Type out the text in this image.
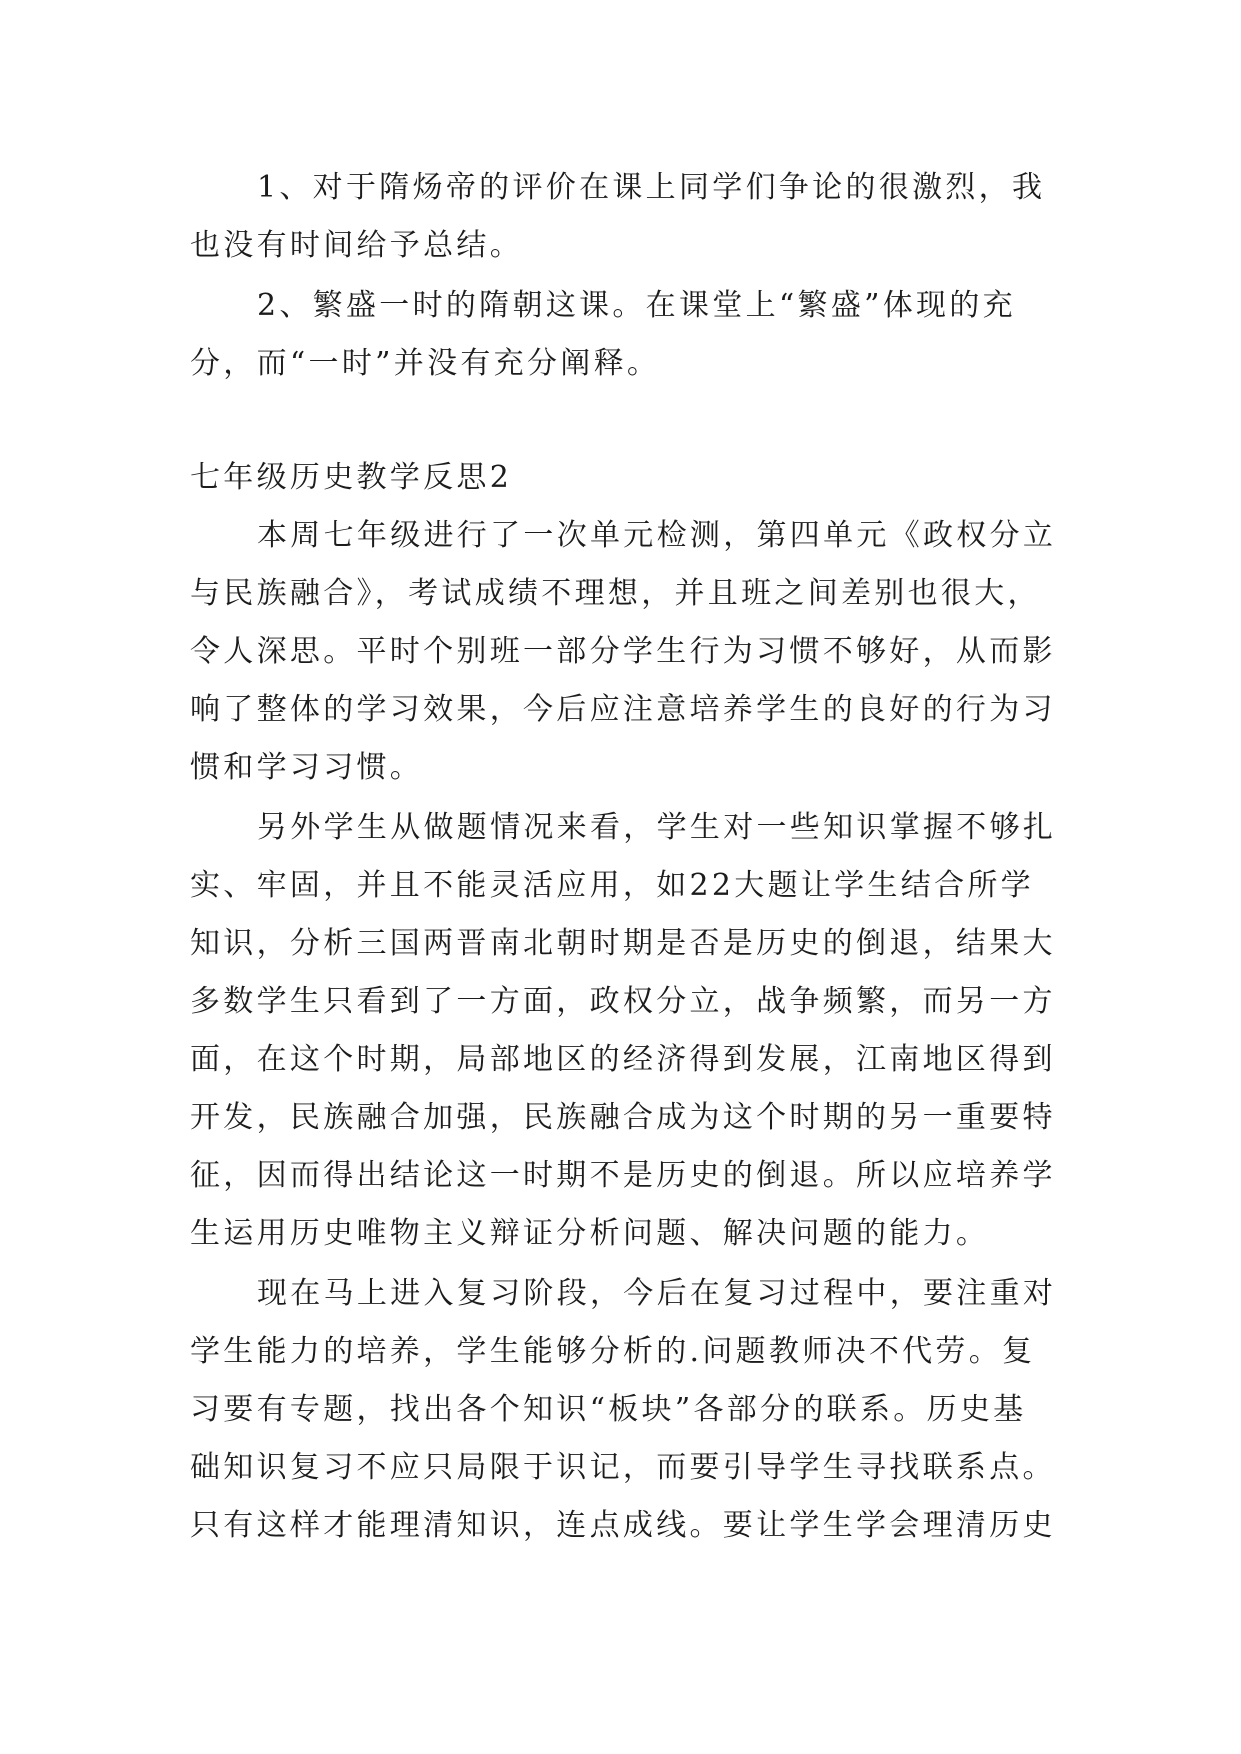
1、对于隋炀帝的评价在课上同学们争论的很激烈，我
也没有时间给予总结。
2、繁盛一时的隋朝这课。在课堂上“繁盛”体现的充
分，而“一时”并没有充分阐释。
七年级历史教学反思2
本周七年级进行了一次单元检测，第四单元《政权分立
与民族融合》，考试成绩不理想，并且班之间差别也很大，
令人深思。平时个别班一部分学生行为习惯不够好，从而影
响了整体的学习效果，今后应注意培养学生的良好的行为习
惯和学习习惯。
另外学生从做题情况来看，学生对一些知识掌握不够扎
实、牢固，并且不能灵活应用，如22大题让学生结合所学
知识，分析三国两晋南北朝时期是否是历史的倒退，结果大
多数学生只看到了一方面，政权分立，战争频繁，而另一方
面，在这个时期，局部地区的经济得到发展，江南地区得到
开发，民族融合加强，民族融合成为这个时期的另一重要特
征，因而得出结论这一时期不是历史的倒退。所以应培养学
生运用历史唯物主义辩证分析问题、解决问题的能力。
现在马上进入复习阶段，今后在复习过程中，要注重对
学生能力的培养，学生能够分析的.问题教师决不代劳。复
习要有专题，找出各个知识“板块”各部分的联系。历史基
础知识复习不应只局限于识记，而要引导学生寻找联系点。
只有这样才能理清知识，连点成线。要让学生学会理清历史
